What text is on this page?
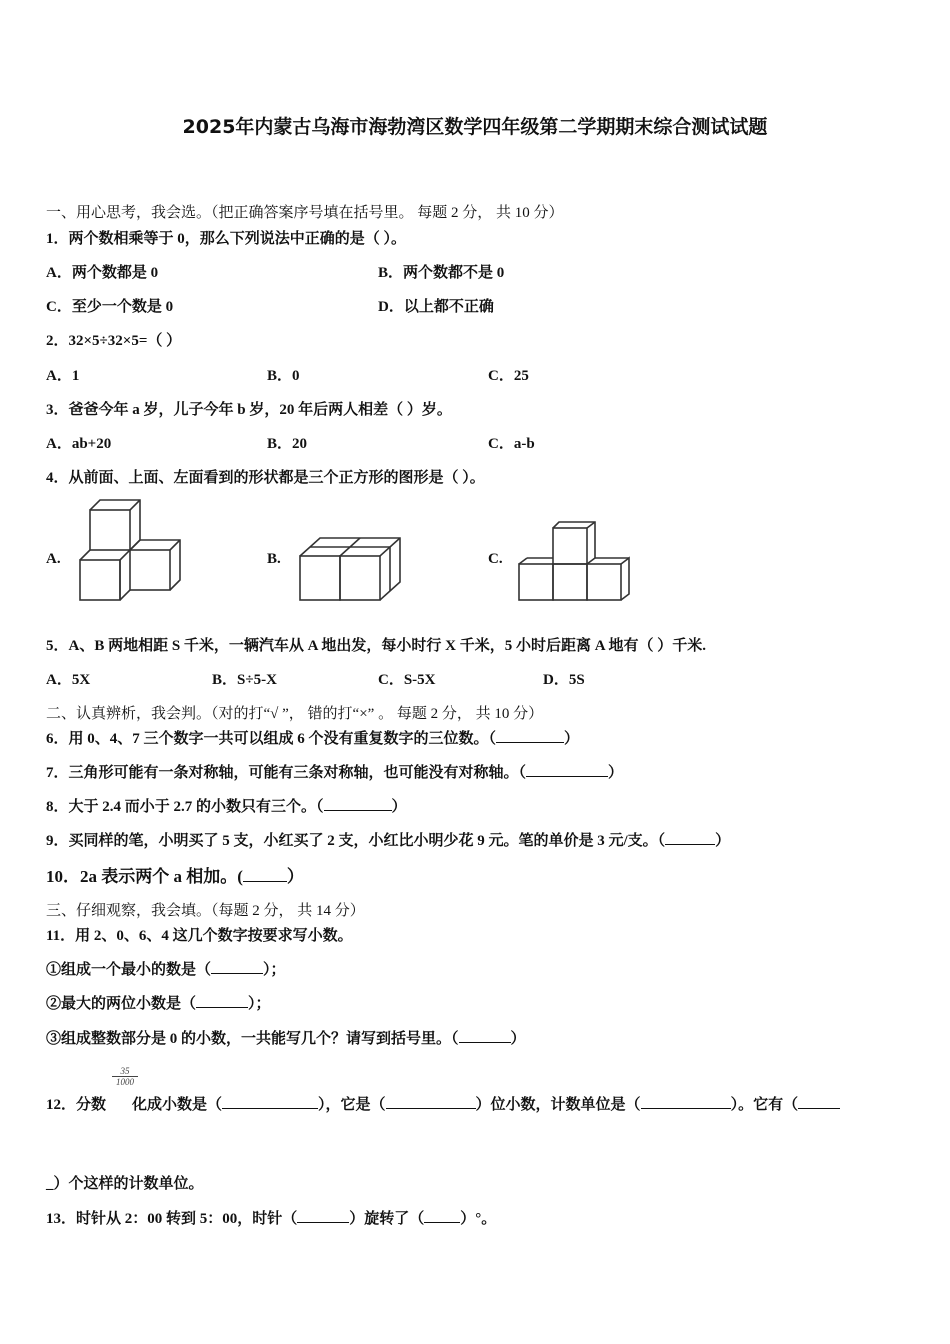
2025年内蒙古乌海市海勃湾区数学四年级第二学期期末综合测试试题
一、用心思考，我会选。（把正确答案序号填在括号里。 每题 2 分， 共 10 分）
1．两个数相乘等于 0，那么下列说法中正确的是（ ）。
A．两个数都是 0	B．两个数都不是 0
C．至少一个数是 0	D．以上都不正确
2．32×5÷32×5=（ ）
A．1	B．0	C．25
3．爸爸今年 a 岁，儿子今年 b 岁，20 年后两人相差（ ）岁。
A．ab+20	B．20	C．a-b
4．从前面、上面、左面看到的形状都是三个正方形的图形是（ ）。
A.	B.	C.
5．A、B 两地相距 S 千米，一辆汽车从 A 地出发，每小时行 X 千米，5 小时后距离 A 地有（ ）千米.
A．5X	B．S÷5-X	C．S-5X	D．5S
二、认真辨析，我会判。（对的打“√ ”， 错的打“×” 。 每题 2 分， 共 10 分）
6．用 0、4、7 三个数字一共可以组成 6 个没有重复数字的三位数。（	）
7．三角形可能有一条对称轴，可能有三条对称轴，也可能没有对称轴。（	）
8．大于 2.4 而小于 2.7 的小数只有三个。（	）
9．买同样的笔，小明买了 5 支，小红买了 2 支，小红比小明少花 9 元。笔的单价是 3 元/支。（	）
10．2a 表示两个 a 相加。(	）
三、仔细观察，我会填。（每题 2 分， 共 14 分）
11．用 2、0、6、4 这几个数字按要求写小数。
①组成一个最小的数是（	）；
②最大的两位小数是（	）；
③组成整数部分是 0 的小数，一共能写几个？请写到括号里。（	）
$\frac{35}{1000}$
12．分数 化成小数是（	），它是（	）位小数，计数单位是（	）。它有（
_）个这样的计数单位。
13．时针从 2：00 转到 5：00，时针（	）旋转了（ ）°。
